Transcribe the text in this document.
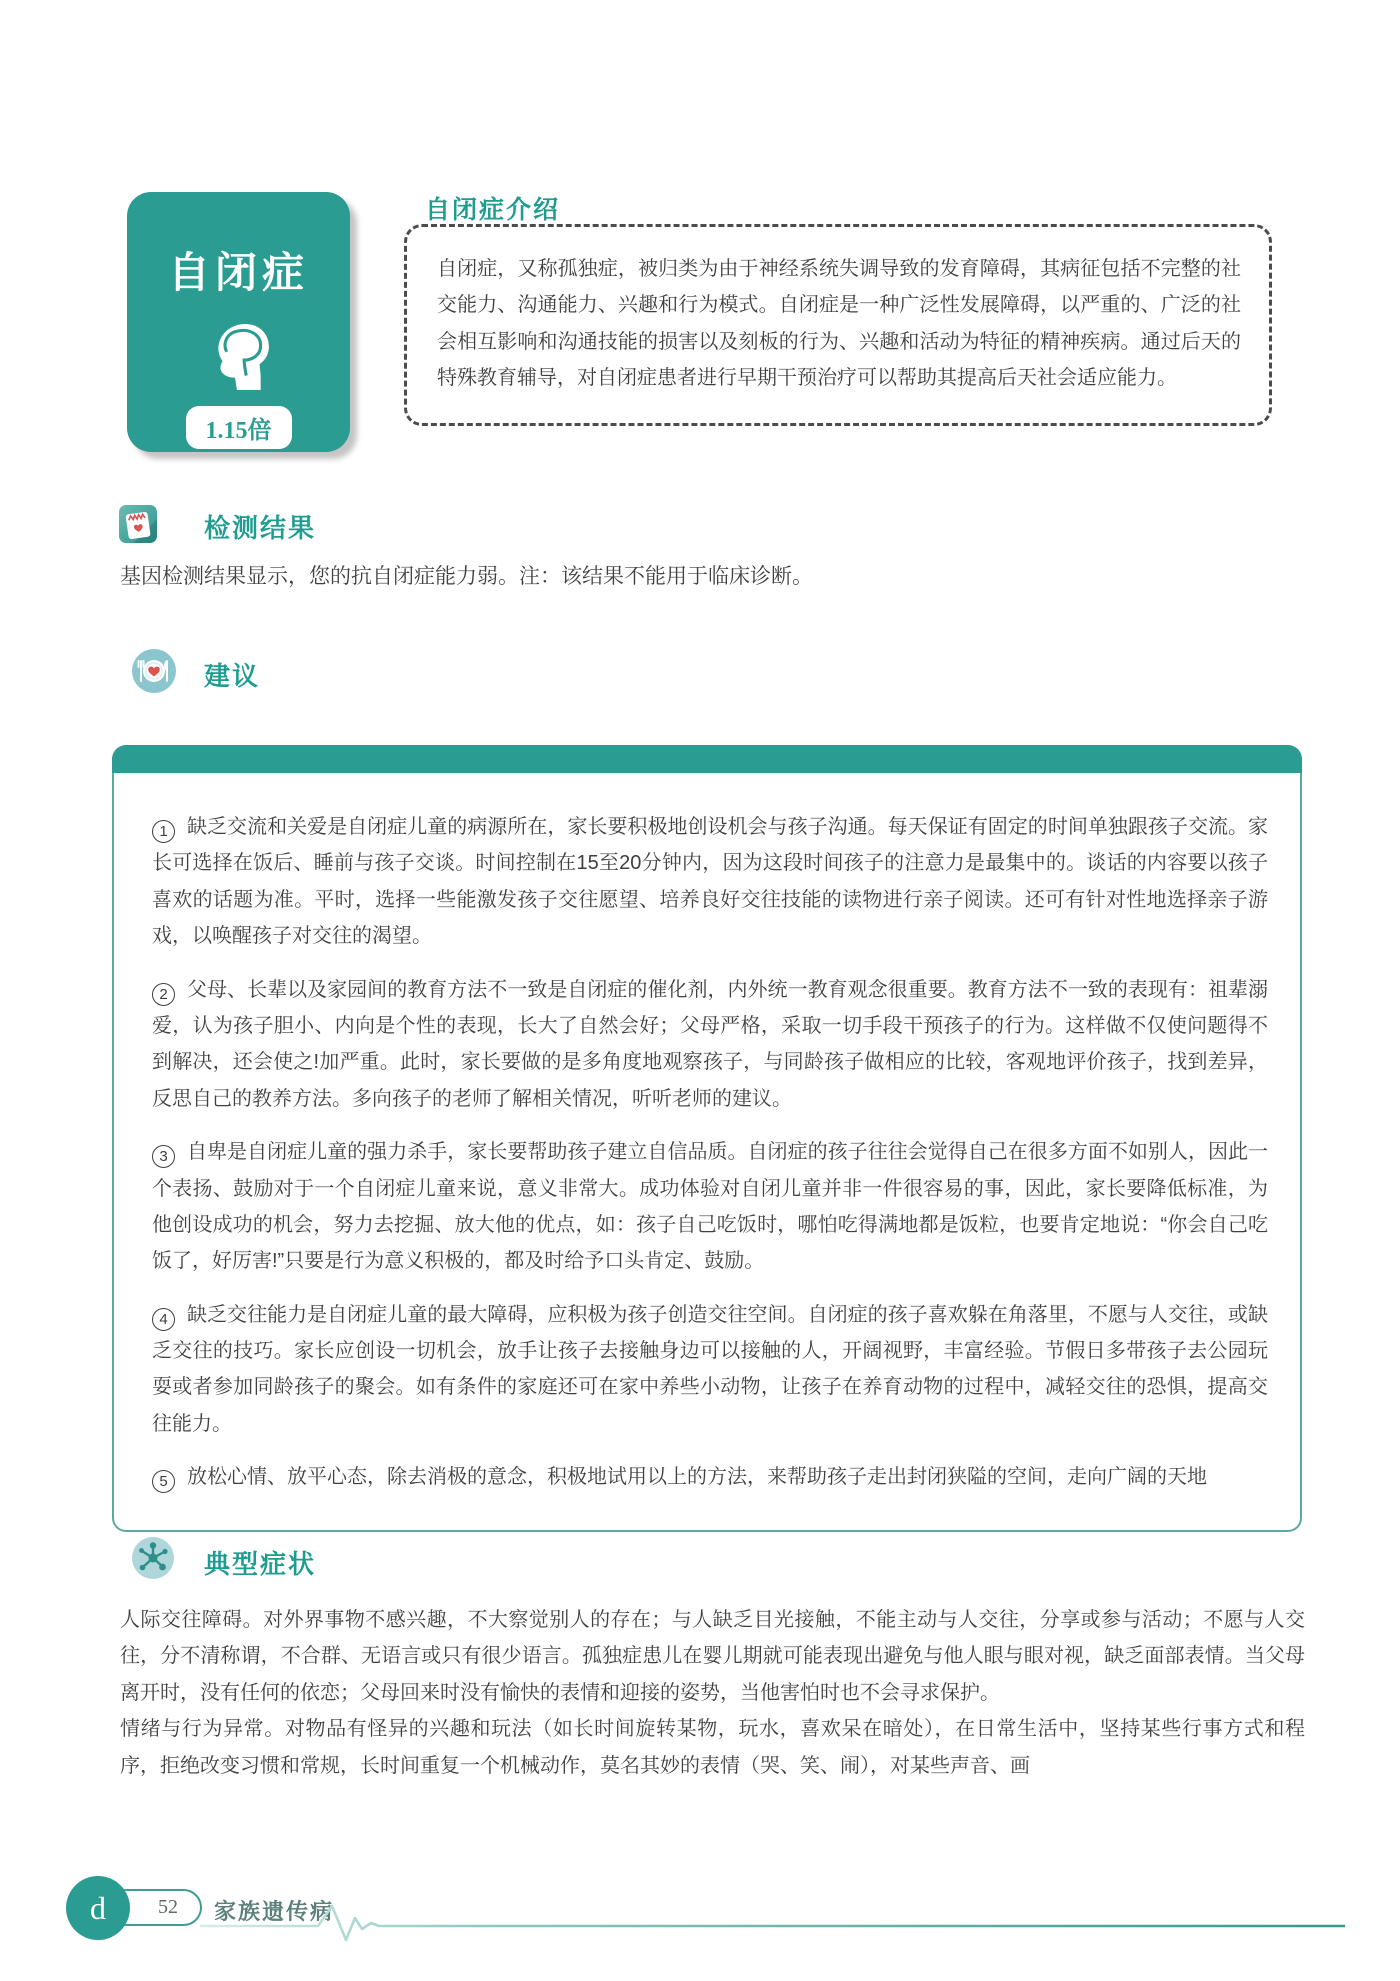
自闭症
1.15倍
自闭症介绍
自闭症，又称孤独症，被归类为由于神经系统失调导致的发育障碍，其病征包括不完整的社交能力、沟通能力、兴趣和行为模式。自闭症是一种广泛性发展障碍，以严重的、广泛的社会相互影响和沟通技能的损害以及刻板的行为、兴趣和活动为特征的精神疾病。通过后天的特殊教育辅导，对自闭症患者进行早期干预治疗可以帮助其提高后天社会适应能力。
检测结果
基因检测结果显示，您的抗自闭症能力弱。注：该结果不能用于临床诊断。
建议

1 缺乏交流和关爱是自闭症儿童的病源所在，家长要积极地创设机会与孩子沟通。每天保证有固定的时间单独跟孩子交流。家长可选择在饭后、睡前与孩子交谈。时间控制在15至20分钟内，因为这段时间孩子的注意力是最集中的。谈话的内容要以孩子喜欢的话题为准。平时，选择一些能激发孩子交往愿望、培养良好交往技能的读物进行亲子阅读。还可有针对性地选择亲子游戏，以唤醒孩子对交往的渴望。

2 父母、长辈以及家园间的教育方法不一致是自闭症的催化剂，内外统一教育观念很重要。教育方法不一致的表现有：祖辈溺爱，认为孩子胆小、内向是个性的表现，长大了自然会好；父母严格，采取一切手段干预孩子的行为。这样做不仅使问题得不到解决，还会使之!加严重。此时，家长要做的是多角度地观察孩子，与同龄孩子做相应的比较，客观地评价孩子，找到差异，反思自己的教养方法。多向孩子的老师了解相关情况，听听老师的建议。

3 自卑是自闭症儿童的强力杀手，家长要帮助孩子建立自信品质。自闭症的孩子往往会觉得自己在很多方面不如别人，因此一个表扬、鼓励对于一个自闭症儿童来说，意义非常大。成功体验对自闭儿童并非一件很容易的事，因此，家长要降低标准，为他创设成功的机会，努力去挖掘、放大他的优点，如：孩子自己吃饭时，哪怕吃得满地都是饭粒，也要肯定地说：“你会自己吃饭了，好厉害!”只要是行为意义积极的，都及时给予口头肯定、鼓励。

4 缺乏交往能力是自闭症儿童的最大障碍，应积极为孩子创造交往空间。自闭症的孩子喜欢躲在角落里，不愿与人交往，或缺乏交往的技巧。家长应创设一切机会，放手让孩子去接触身边可以接触的人，开阔视野，丰富经验。节假日多带孩子去公园玩耍或者参加同龄孩子的聚会。如有条件的家庭还可在家中养些小动物，让孩子在养育动物的过程中，减轻交往的恐惧，提高交往能力。

5 放松心情、放平心态，除去消极的意念，积极地试用以上的方法，来帮助孩子走出封闭狭隘的空间，走向广阔的天地

典型症状

人际交往障碍。对外界事物不感兴趣，不大察觉别人的存在；与人缺乏目光接触，不能主动与人交往，分享或参与活动；不愿与人交往，分不清称谓，不合群、无语言或只有很少语言。孤独症患儿在婴儿期就可能表现出避免与他人眼与眼对视，缺乏面部表情。当父母离开时，没有任何的依恋；父母回来时没有愉快的表情和迎接的姿势，当他害怕时也不会寻求保护。

情绪与行为异常。对物品有怪异的兴趣和玩法（如长时间旋转某物，玩水，喜欢呆在暗处），在日常生活中，坚持某些行事方式和程序，拒绝改变习惯和常规，长时间重复一个机械动作，莫名其妙的表情（哭、笑、闹），对某些声音、画

52
d	家族遗传病
